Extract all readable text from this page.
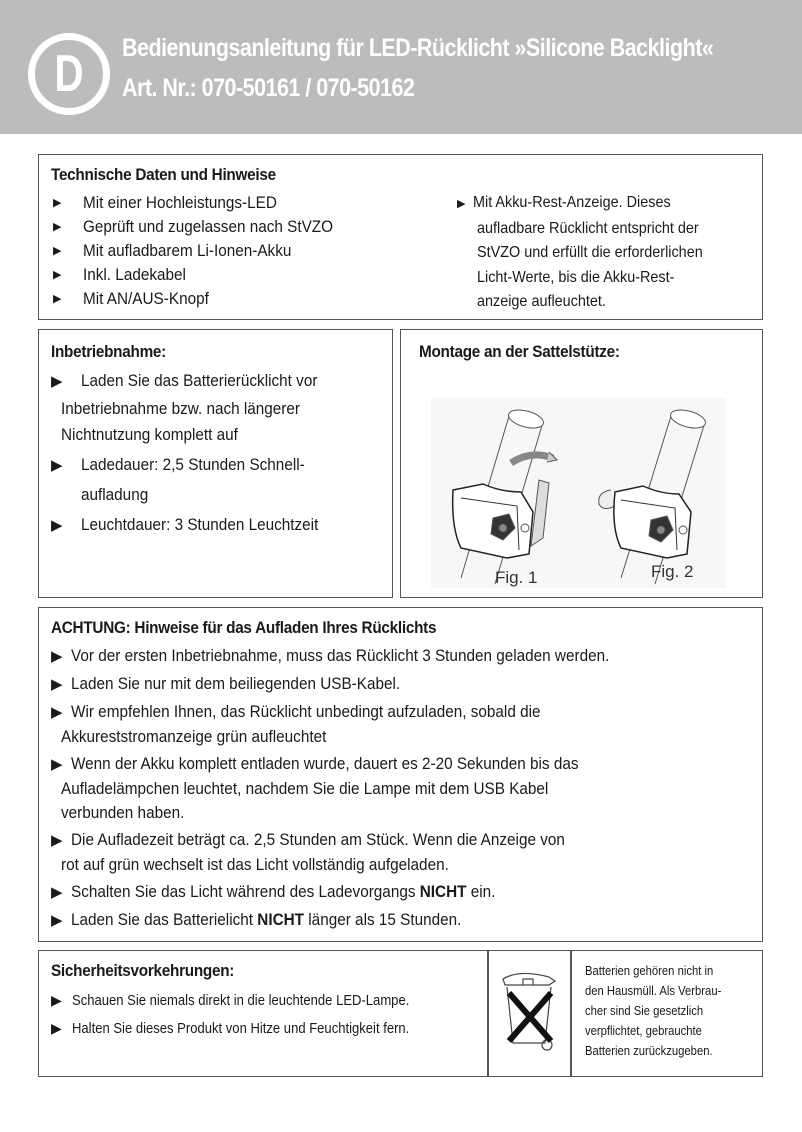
D	Bedienungsanleitung für LED-Rücklicht »Silicone Backlight«
Art. Nr.: 070-50161 / 070-50162
Technische Daten und Hinweise
▶ Mit einer Hochleistungs-LED
▶ Geprüft und zugelassen nach StVZO
▶ Mit aufladbarem Li-Ionen-Akku
▶ Inkl. Ladekabel
▶ Mit AN/AUS-Knopf
▶ Mit Akku-Rest-Anzeige. Dieses
aufladbare Rücklicht entspricht der
StVZO und erfüllt die erforderlichen
Licht-Werte, bis die Akku-Rest-
anzeige aufleuchtet.
Inbetriebnahme:
▶ Laden Sie das Batterierücklicht vor
Inbetriebnahme bzw. nach längerer
Nichtnutzung komplett auf
▶ Ladedauer: 2,5 Stunden Schnell-
aufladung
▶ Leuchtdauer: 3 Stunden Leuchtzeit
Montage an der Sattelstütze:
Fig. 1	Fig. 2
ACHTUNG: Hinweise für das Aufladen Ihres Rücklichts
▶ Vor der ersten Inbetriebnahme, muss das Rücklicht 3 Stunden geladen werden.
▶ Laden Sie nur mit dem beiliegenden USB-Kabel.
▶ Wir empfehlen Ihnen, das Rücklicht unbedingt aufzuladen, sobald die
Akkureststromanzeige grün aufleuchtet
▶ Wenn der Akku komplett entladen wurde, dauert es 2-20 Sekunden bis das
Aufladelämpchen leuchtet, nachdem Sie die Lampe mit dem USB Kabel
verbunden haben.
▶ Die Aufladezeit beträgt ca. 2,5 Stunden am Stück. Wenn die Anzeige von
rot auf grün wechselt ist das Licht vollständig aufgeladen.
▶ Schalten Sie das Licht während des Ladevorgangs NICHT ein.
▶ Laden Sie das Batterielicht NICHT länger als 15 Stunden.
Sicherheitsvorkehrungen:
▶ Schauen Sie niemals direkt in die leuchtende LED-Lampe.
▶ Halten Sie dieses Produkt von Hitze und Feuchtigkeit fern.
Batterien gehören nicht in
den Hausmüll. Als Verbrau-
cher sind Sie gesetzlich
verpflichtet, gebrauchte
Batterien zurückzugeben.
